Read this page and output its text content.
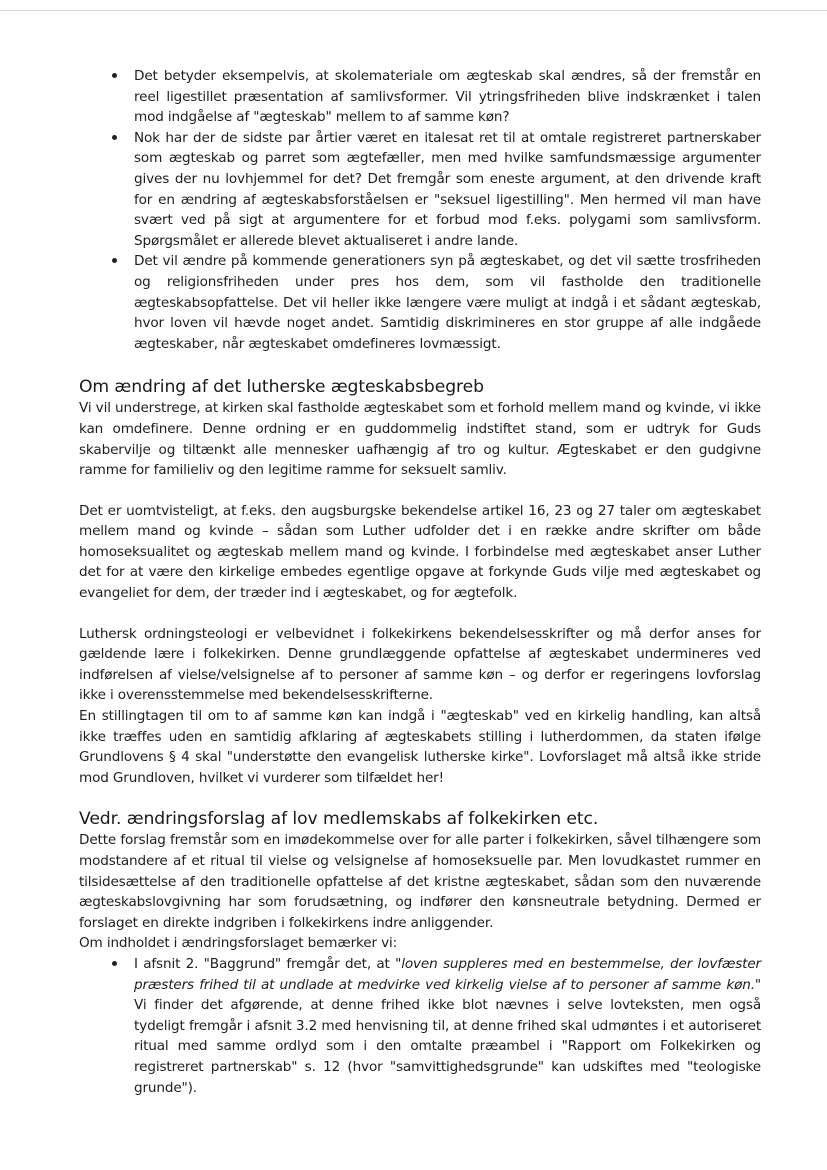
Det betyder eksempelvis, at skolemateriale om ægteskab skal ændres, så der fremstår en reel ligestillet præsentation af samlivsformer. Vil ytringsfriheden blive indskrænket i talen mod indgåelse af "ægteskab" mellem to af samme køn?
Nok har der de sidste par årtier været en italesat ret til at omtale registreret partnerskaber som ægteskab og parret som ægtefæller, men med hvilke samfundsmæssige argumenter gives der nu lovhjemmel for det? Det fremgår som eneste argument, at den drivende kraft for en ændring af ægteskabsforståelsen er "seksuel ligestilling". Men hermed vil man have svært ved på sigt at argumentere for et forbud mod f.eks. polygami som samlivsform. Spørgsmålet er allerede blevet aktualiseret i andre lande.
Det vil ændre på kommende generationers syn på ægteskabet, og det vil sætte trosfriheden og religionsfriheden under pres hos dem, som vil fastholde den traditionelle ægteskabsopfattelse. Det vil heller ikke længere være muligt at indgå i et sådant ægteskab, hvor loven vil hævde noget andet. Samtidig diskrimineres en stor gruppe af alle indgåede ægteskaber, når ægteskabet omdefineres lovmæssigt.
Om ændring af det lutherske ægteskabsbegreb

Vi vil understrege, at kirken skal fastholde ægteskabet som et forhold mellem mand og kvinde, vi ikke kan omdefinere. Denne ordning er en guddommelig indstiftet stand, som er udtryk for Guds skabervilje og tiltænkt alle mennesker uafhængig af tro og kultur. Ægteskabet er den gudgivne ramme for familieliv og den legitime ramme for seksuelt samliv.

Det er uomtvisteligt, at f.eks. den augsburgske bekendelse artikel 16, 23 og 27 taler om ægteskabet mellem mand og kvinde – sådan som Luther udfolder det i en række andre skrifter om både homoseksualitet og ægteskab mellem mand og kvinde. I forbindelse med ægteskabet anser Luther det for at være den kirkelige embedes egentlige opgave at forkynde Guds vilje med ægteskabet og evangeliet for dem, der træder ind i ægteskabet, og for ægtefolk.

Luthersk ordningsteologi er velbevidnet i folkekirkens bekendelsesskrifter og må derfor anses for gældende lære i folkekirken. Denne grundlæggende opfattelse af ægteskabet undermineres ved indførelsen af vielse/velsignelse af to personer af samme køn – og derfor er regeringens lovforslag ikke i overensstemmelse med bekendelsesskrifterne.

En stillingtagen til om to af samme køn kan indgå i "ægteskab" ved en kirkelig handling, kan altså ikke træffes uden en samtidig afklaring af ægteskabets stilling i lutherdommen, da staten ifølge Grundlovens § 4 skal "understøtte den evangelisk lutherske kirke". Lovforslaget må altså ikke stride mod Grundloven, hvilket vi vurderer som tilfældet her!

Vedr. ændringsforslag af lov medlemskabs af folkekirken etc.

Dette forslag fremstår som en imødekommelse over for alle parter i folkekirken, såvel tilhængere som modstandere af et ritual til vielse og velsignelse af homoseksuelle par. Men lovudkastet rummer en tilsidesættelse af den traditionelle opfattelse af det kristne ægteskabet, sådan som den nuværende ægteskabslovgivning har som forudsætning, og indfører den kønsneutrale betydning. Dermed er forslaget en direkte indgriben i folkekirkens indre anliggender.

Om indholdet i ændringsforslaget bemærker vi:

I afsnit 2. "Baggrund" fremgår det, at "loven suppleres med en bestemmelse, der lovfæster præsters frihed til at undlade at medvirke ved kirkelig vielse af to personer af samme køn." Vi finder det afgørende, at denne frihed ikke blot nævnes i selve lovteksten, men også tydeligt fremgår i afsnit 3.2 med henvisning til, at denne frihed skal udmøntes i et autoriseret ritual med samme ordlyd som i den omtalte præambel i "Rapport om Folkekirken og registreret partnerskab" s. 12 (hvor "samvittighedsgrunde" kan udskiftes med "teologiske grunde").
